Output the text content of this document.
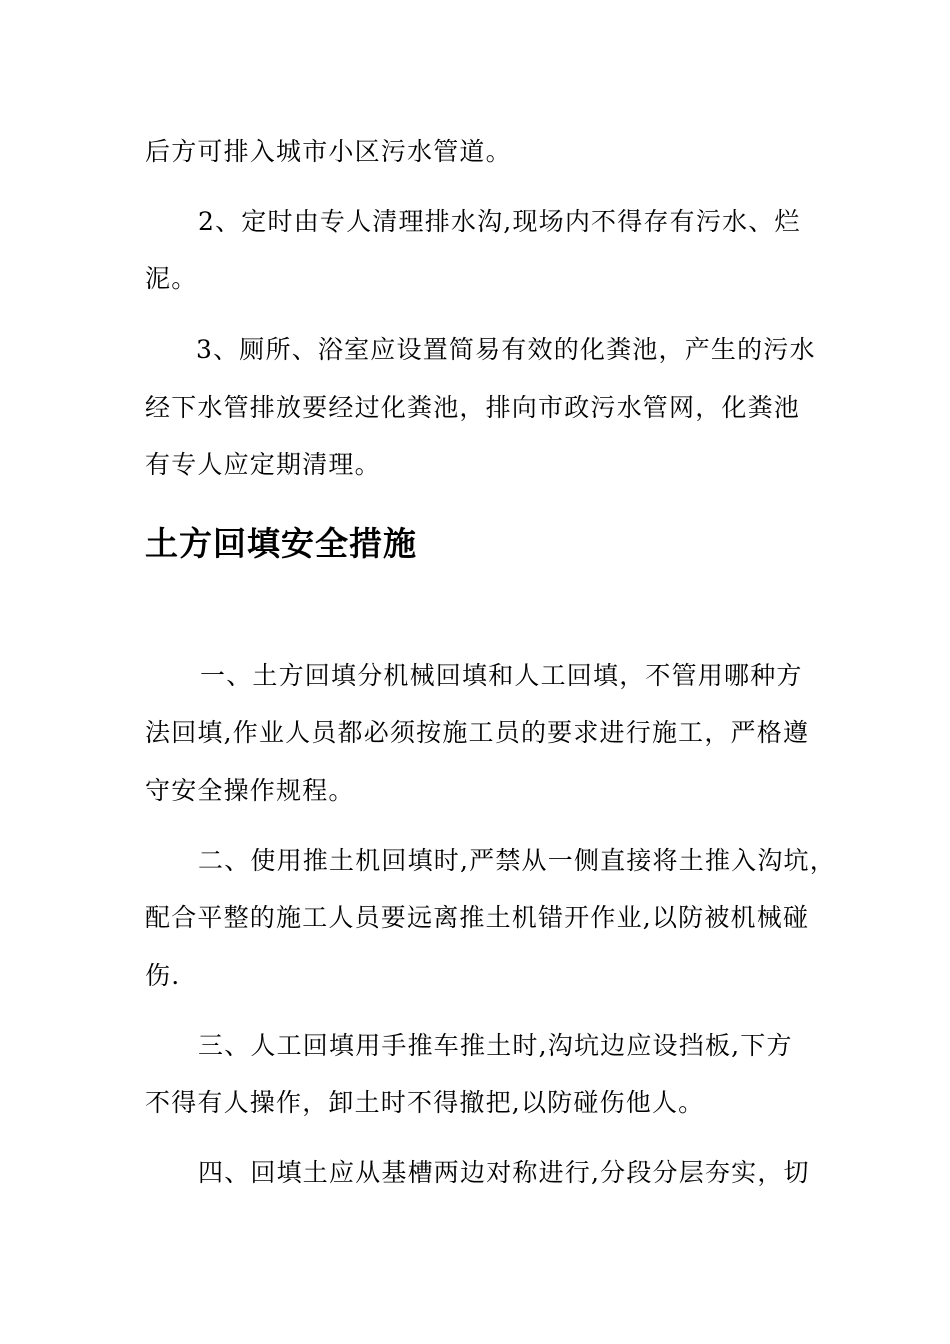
后方可排入城市小区污水管道。

2、定时由专人清理排水沟,现场内不得存有污水、烂

泥。

3、厕所、浴室应设置简易有效的化粪池，产生的污水

经下水管排放要经过化粪池，排向市政污水管网，化粪池

有专人应定期清理。

土方回填安全措施

一、土方回填分机械回填和人工回填，不管用哪种方

法回填,作业人员都必须按施工员的要求进行施工，严格遵

守安全操作规程。

二、使用推土机回填时,严禁从一侧直接将土推入沟坑，

配合平整的施工人员要远离推土机错开作业,以防被机械碰

伤.

三、人工回填用手推车推土时,沟坑边应设挡板,下方

不得有人操作，卸土时不得撤把,以防碰伤他人。

四、回填土应从基槽两边对称进行,分段分层夯实，切
